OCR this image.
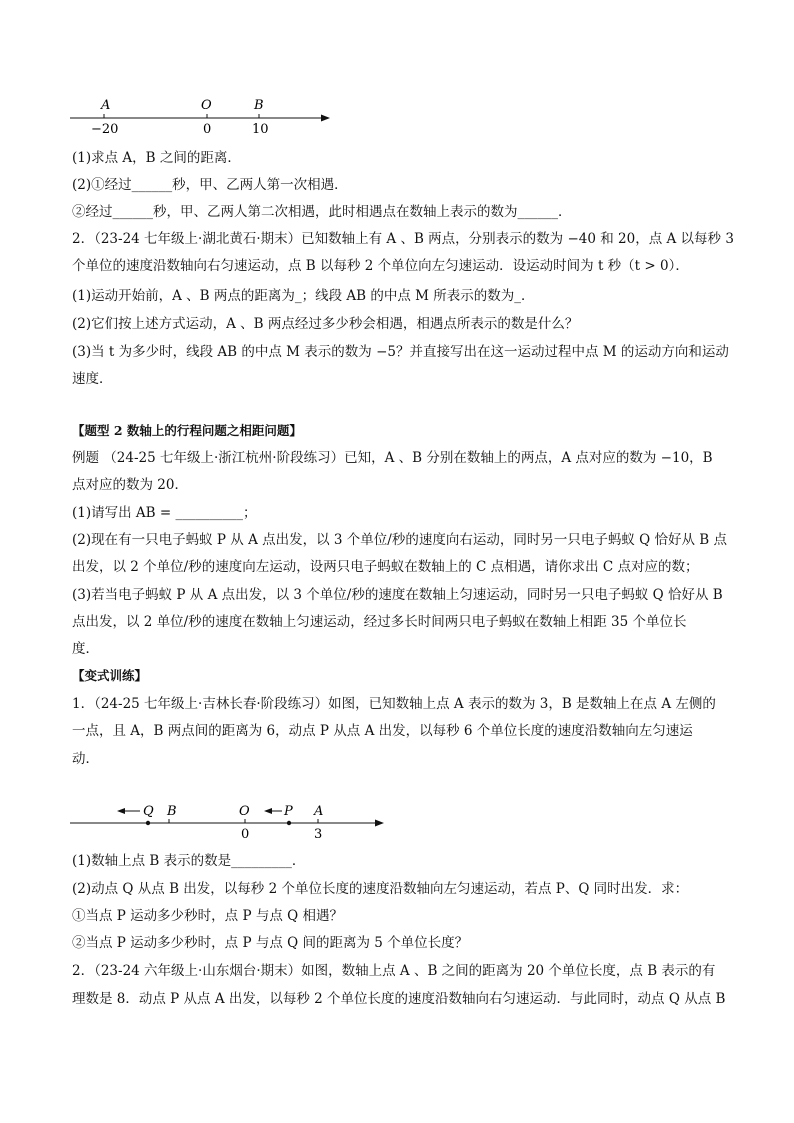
A	O	B
−20	0	10
(1)求点 A，B 之间的距离．
(2)①经过______秒，甲、乙两人第一次相遇．
②经过______秒，甲、乙两人第二次相遇，此时相遇点在数轴上表示的数为______．
2．（23-24 七年级上·湖北黄石·期末）已知数轴上有 A 、B 两点，分别表示的数为 −40 和 20，点 A 以每秒 3
个单位的速度沿数轴向右匀速运动，点 B 以每秒 2 个单位向左匀速运动．设运动时间为 t 秒（t > 0）．
(1)运动开始前，A 、B 两点的距离为_；线段 AB 的中点 M 所表示的数为_．
(2)它们按上述方式运动，A 、B 两点经过多少秒会相遇，相遇点所表示的数是什么？
(3)当 t 为多少时，线段 AB 的中点 M 表示的数为 −5？并直接写出在这一运动过程中点 M 的运动方向和运动
速度．
【题型 2 数轴上的行程问题之相距问题】
例题 （24-25 七年级上·浙江杭州·阶段练习）已知，A 、B 分别在数轴上的两点，A 点对应的数为 −10，B
点对应的数为 20．
(1)请写出 AB = __________；
(2)现在有一只电子蚂蚁 P 从 A 点出发，以 3 个单位/秒的速度向右运动，同时另一只电子蚂蚁 Q 恰好从 B 点
出发，以 2 个单位/秒的速度向左运动，设两只电子蚂蚁在数轴上的 C 点相遇，请你求出 C 点对应的数；
(3)若当电子蚂蚁 P 从 A 点出发，以 3 个单位/秒的速度在数轴上匀速运动，同时另一只电子蚂蚁 Q 恰好从 B
点出发，以 2 单位/秒的速度在数轴上匀速运动，经过多长时间两只电子蚂蚁在数轴上相距 35 个单位长
度．
【变式训练】
1．（24-25 七年级上·吉林长春·阶段练习）如图，已知数轴上点 A 表示的数为 3，B 是数轴上在点 A 左侧的
一点，且 A，B 两点间的距离为 6，动点 P 从点 A 出发，以每秒 6 个单位长度的速度沿数轴向左匀速运
动．
Q B	O	P A
0	3
(1)数轴上点 B 表示的数是_________．
(2)动点 Q 从点 B 出发，以每秒 2 个单位长度的速度沿数轴向左匀速运动，若点 P、Q 同时出发．求：
①当点 P 运动多少秒时，点 P 与点 Q 相遇？
②当点 P 运动多少秒时，点 P 与点 Q 间的距离为 5 个单位长度？
2．（23-24 六年级上·山东烟台·期末）如图，数轴上点 A 、B 之间的距离为 20 个单位长度，点 B 表示的有
理数是 8．动点 P 从点 A 出发，以每秒 2 个单位长度的速度沿数轴向右匀速运动．与此同时，动点 Q 从点 B
